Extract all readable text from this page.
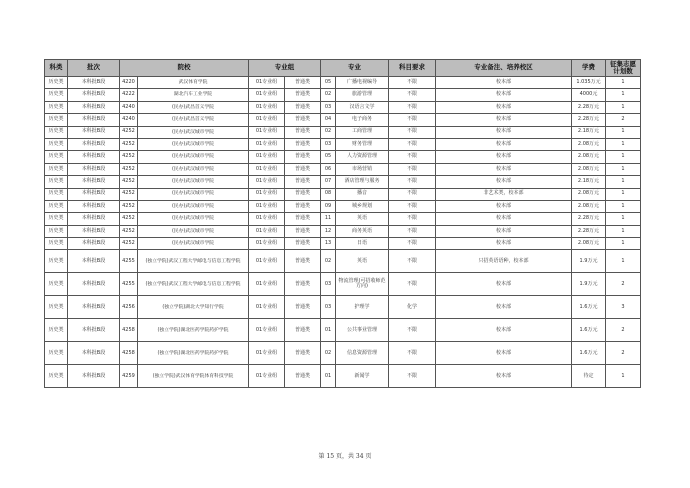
科类	批次	院校		专业组		专业		科目要求	专业备注、培养校区	学费	征集志愿计划数
历史类	本科批B段	4220	武汉体育学院	01专业组	普通类	05	广播电视编导	不限	校本部	1.035万元	1
历史类	本科批B段	4222	湖北汽车工业学院	01专业组	普通类	02	旅游管理	不限	校本部	4000元	1
历史类	本科批B段	4240	(民办)武昌首义学院	01专业组	普通类	03	汉语言文学	不限	校本部	2.28万元	1
历史类	本科批B段	4240	(民办)武昌首义学院	01专业组	普通类	04	电子商务	不限	校本部	2.28万元	2
历史类	本科批B段	4252	(民办)武汉城市学院	01专业组	普通类	02	工商管理	不限	校本部	2.18万元	1
历史类	本科批B段	4252	(民办)武汉城市学院	01专业组	普通类	03	财务管理	不限	校本部	2.08万元	1
历史类	本科批B段	4252	(民办)武汉城市学院	01专业组	普通类	05	人力资源管理	不限	校本部	2.08万元	1
历史类	本科批B段	4252	(民办)武汉城市学院	01专业组	普通类	06	市场营销	不限	校本部	2.08万元	1
历史类	本科批B段	4252	(民办)武汉城市学院	01专业组	普通类	07	酒店管理与服务	不限	校本部	2.18万元	1
历史类	本科批B段	4252	(民办)武汉城市学院	01专业组	普通类	08	播音	不限	非艺术类，校本部	2.08万元	1
历史类	本科批B段	4252	(民办)武汉城市学院	01专业组	普通类	09	城乡规划	不限	校本部	2.08万元	1
历史类	本科批B段	4252	(民办)武汉城市学院	01专业组	普通类	11	英语	不限	校本部	2.28万元	1
历史类	本科批B段	4252	(民办)武汉城市学院	01专业组	普通类	12	商务英语	不限	校本部	2.28万元	1
历史类	本科批B段	4252	(民办)武汉城市学院	01专业组	普通类	13	日语	不限	校本部	2.08万元	1
历史类	本科批B段	4255	(独立学院)武汉工程大学邮电与信息工程学院	01专业组	普通类	02	英语	不限	只招英语语种，校本部	1.9万元	1
历史类	本科批B段	4255	(独立学院)武汉工程大学邮电与信息工程学院	01专业组	普通类	03	物流管理(可招收师范方向)	不限	校本部	1.9万元	2
历史类	本科批B段	4256	(独立学院)湖北大学知行学院	01专业组	普通类	03	护理学	化学	校本部	1.6万元	3
历史类	本科批B段	4258	(独立学院)湖北医药学院药护学院	01专业组	普通类	01	公共事业管理	不限	校本部	1.6万元	2
历史类	本科批B段	4258	(独立学院)湖北医药学院药护学院	01专业组	普通类	02	信息资源管理	不限	校本部	1.6万元	2
历史类	本科批B段	4259	(独立学院)武汉体育学院体育科技学院	01专业组	普通类	01	新闻学	不限	校本部	待定	1
第 15 页，共 34 页
